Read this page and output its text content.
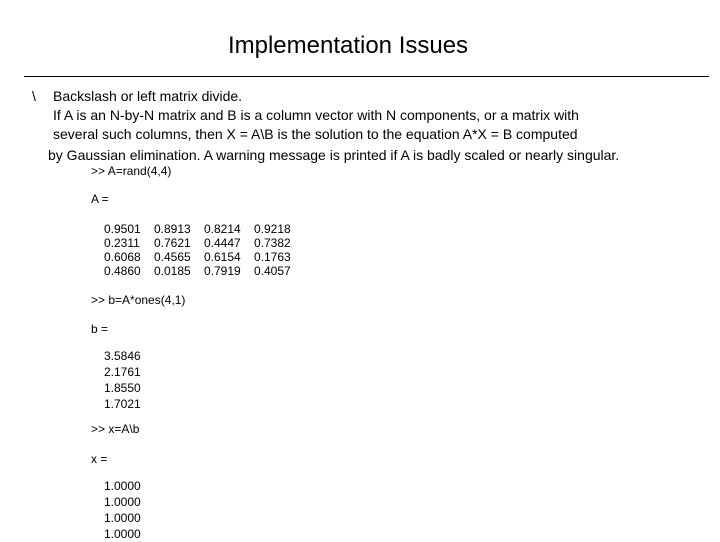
Implementation Issues
\ Backslash or left matrix divide.
If A is an N-by-N matrix and B is a column vector with N components, or a matrix with
several such columns, then X = A\B is the solution to the equation A*X = B computed
by Gaussian elimination. A warning message is printed if A is badly scaled or nearly singular.
>> A=rand(4,4)
A =
0.9501	0.8913	0.8214	0.9218
0.2311	0.7621	0.4447	0.7382
0.6068	0.4565	0.6154	0.1763
0.4860	0.0185	0.7919	0.4057
>> b=A*ones(4,1)
b =
3.5846
2.1761
1.8550
1.7021
>> x=A\b
x =
1.0000
1.0000
1.0000
1.0000
